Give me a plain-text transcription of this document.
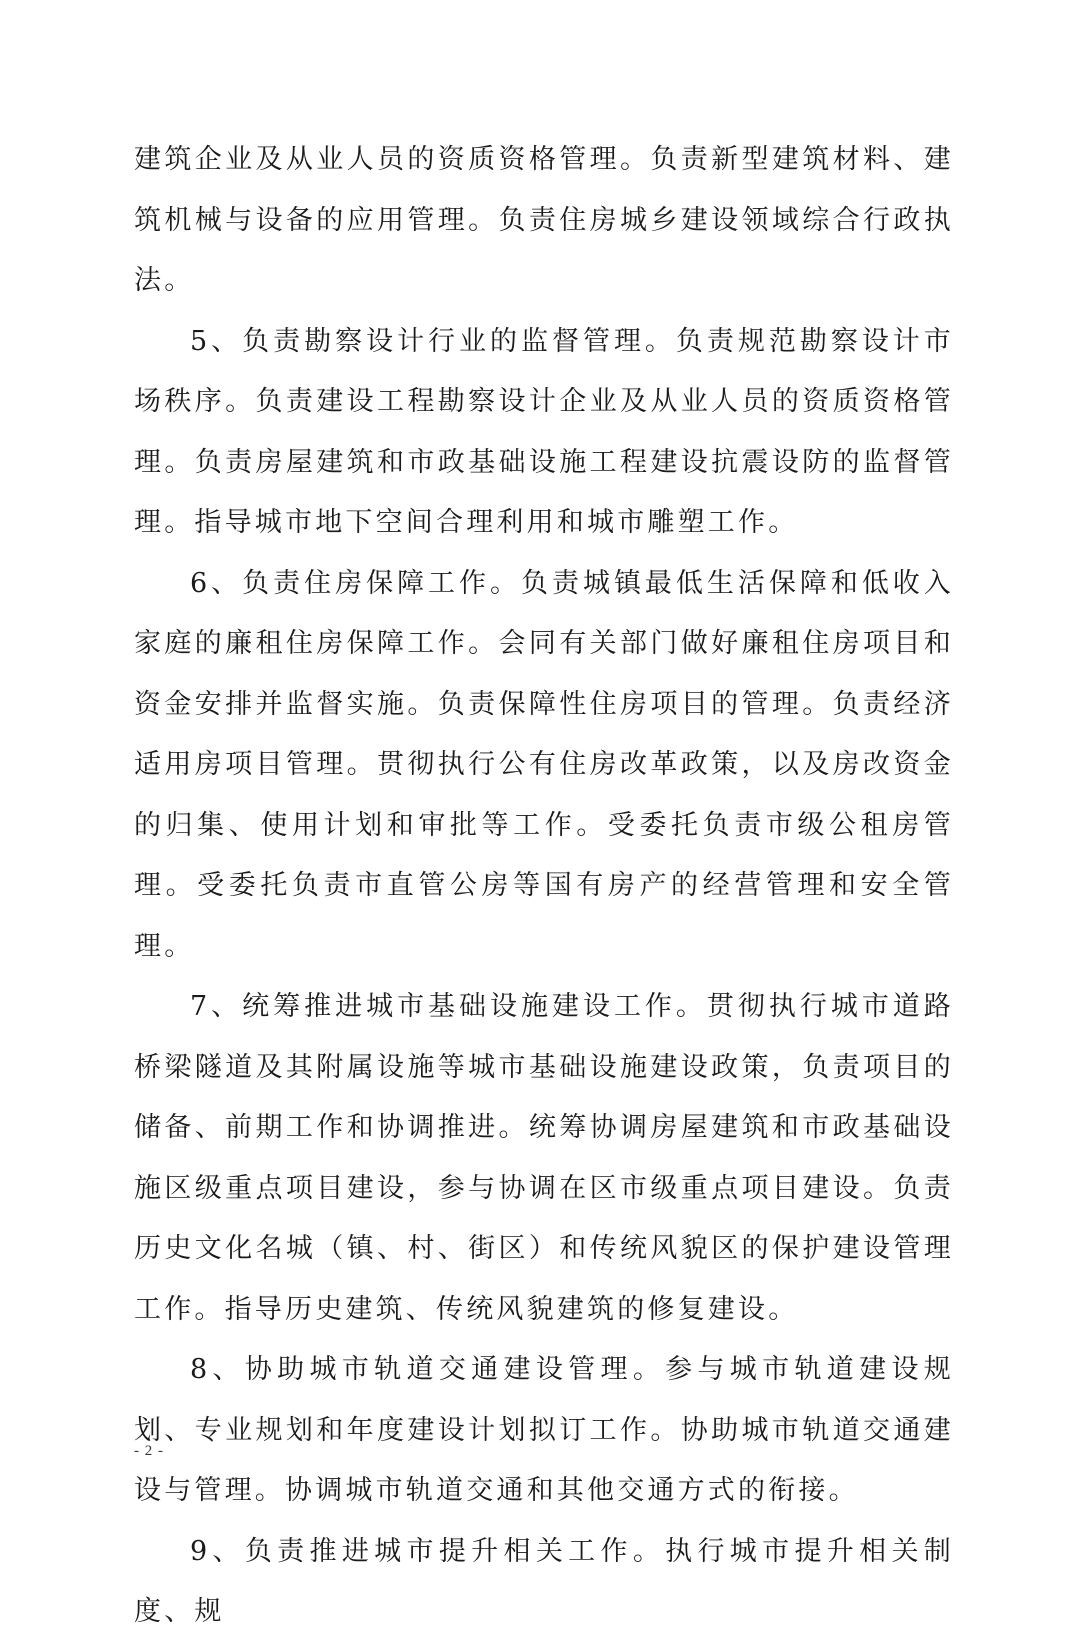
建筑企业及从业人员的资质资格管理。负责新型建筑材料、建筑机械与设备的应用管理。负责住房城乡建设领域综合行政执法。

5、负责勘察设计行业的监督管理。负责规范勘察设计市场秩序。负责建设工程勘察设计企业及从业人员的资质资格管理。负责房屋建筑和市政基础设施工程建设抗震设防的监督管理。指导城市地下空间合理利用和城市雕塑工作。

6、负责住房保障工作。负责城镇最低生活保障和低收入家庭的廉租住房保障工作。会同有关部门做好廉租住房项目和资金安排并监督实施。负责保障性住房项目的管理。负责经济适用房项目管理。贯彻执行公有住房改革政策，以及房改资金的归集、使用计划和审批等工作。受委托负责市级公租房管理。受委托负责市直管公房等国有房产的经营管理和安全管理。

7、统筹推进城市基础设施建设工作。贯彻执行城市道路桥梁隧道及其附属设施等城市基础设施建设政策，负责项目的储备、前期工作和协调推进。统筹协调房屋建筑和市政基础设施区级重点项目建设，参与协调在区市级重点项目建设。负责历史文化名城（镇、村、街区）和传统风貌区的保护建设管理工作。指导历史建筑、传统风貌建筑的修复建设。

8、协助城市轨道交通建设管理。参与城市轨道建设规划、专业规划和年度建设计划拟订工作。协助城市轨道交通建设与管理。协调城市轨道交通和其他交通方式的衔接。

9、负责推进城市提升相关工作。执行城市提升相关制度、规

- 2 -
